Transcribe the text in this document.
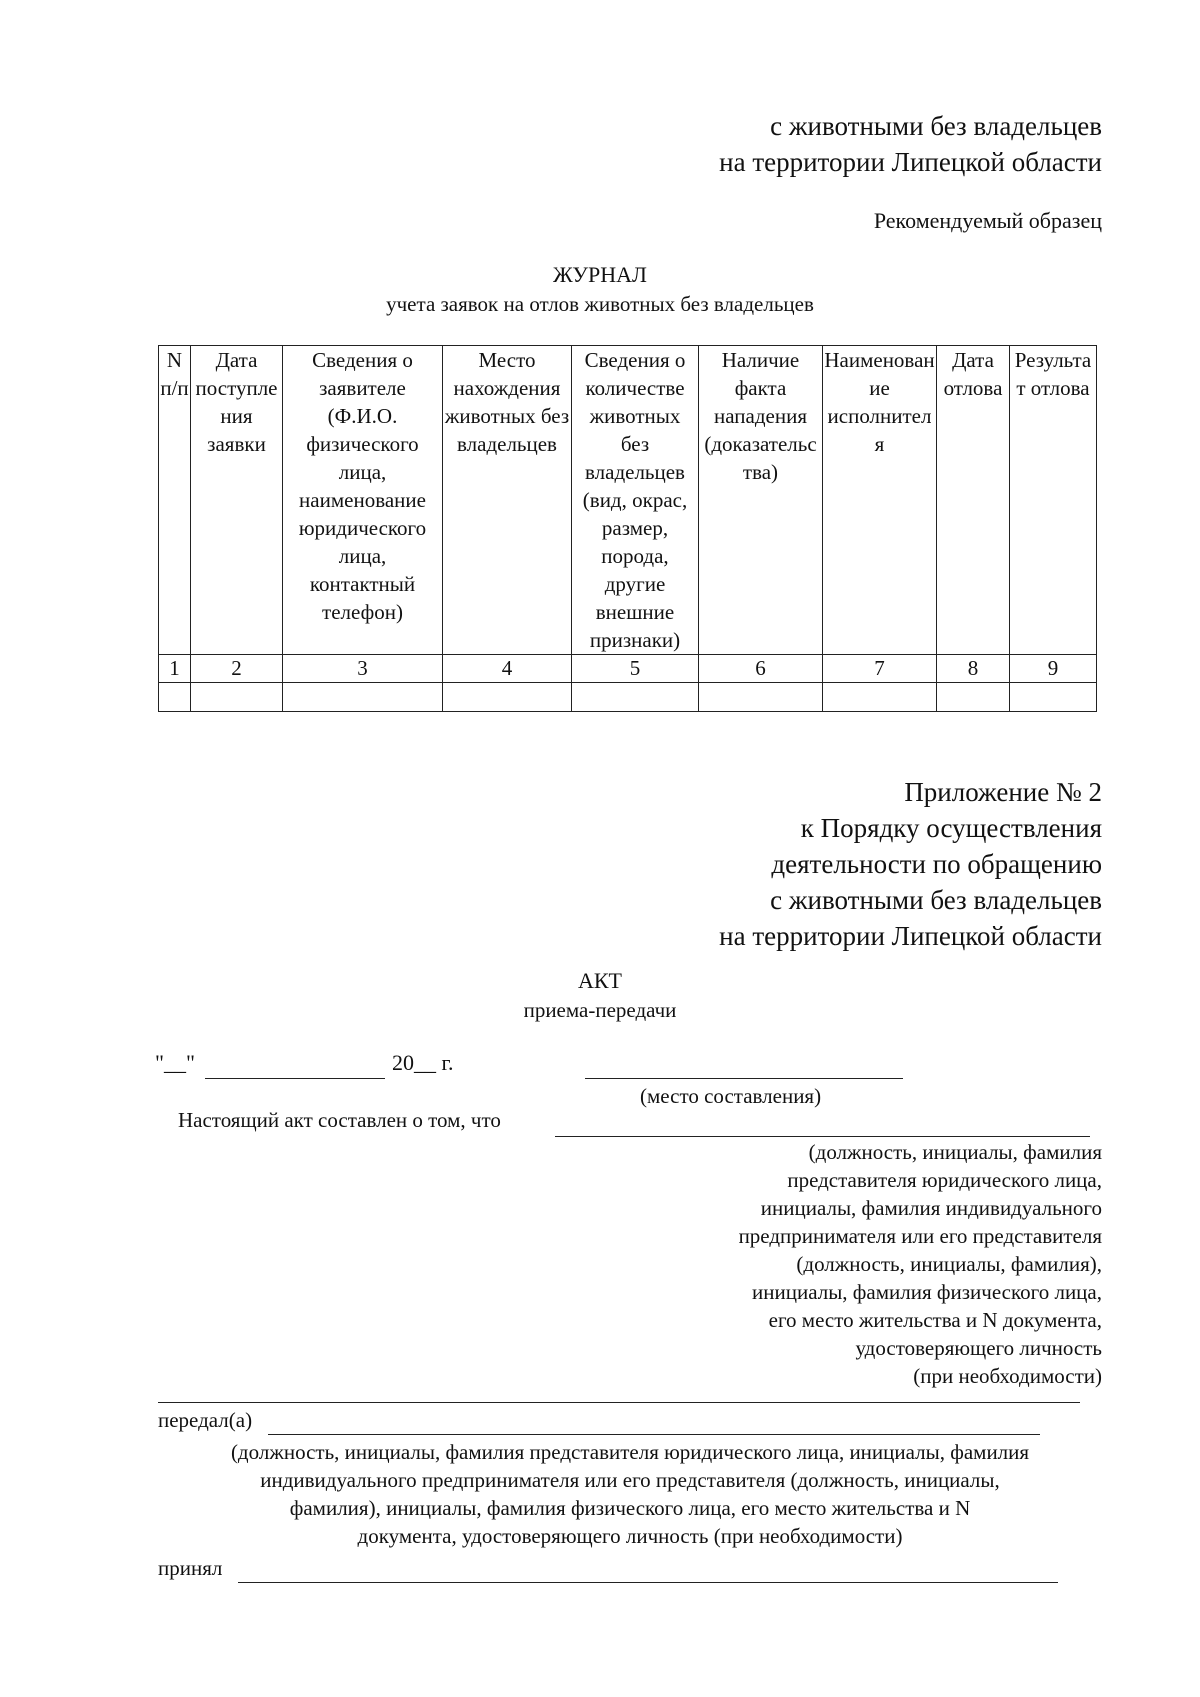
с животными без владельцев
на территории Липецкой области
Рекомендуемый образец
ЖУРНАЛ
учета заявок на отлов животных без владельцев
N п/п	Дата поступления заявки	Сведения о заявителе (Ф.И.О. физического лица, наименование юридического лица, контактный телефон)	Место нахождения животных без владельцев	Сведения о количестве животных без владельцев (вид, окрас, размер, порода, другие внешние признаки)	Наличие факта нападения (доказательства)	Наименование исполнителя	Дата отлова	Результат отлова
1	2	3	4	5	6	7	8	9

Приложение № 2
к Порядку осуществления
деятельности по обращению
с животными без владельцев
на территории Липецкой области
АКТ
приема-передачи
"__"	20__ г.
(место составления)
Настоящий акт составлен о том, что
(должность, инициалы, фамилия
представителя юридического лица,
инициалы, фамилия индивидуального
предпринимателя или его представителя
(должность, инициалы, фамилия),
инициалы, фамилия физического лица,
его место жительства и N документа,
удостоверяющего личность
(при необходимости)
передал(а)
(должность, инициалы, фамилия представителя юридического лица, инициалы, фамилия
индивидуального предпринимателя или его представителя (должность, инициалы,
фамилия), инициалы, фамилия физического лица, его место жительства и N
документа, удостоверяющего личность (при необходимости)
принял
